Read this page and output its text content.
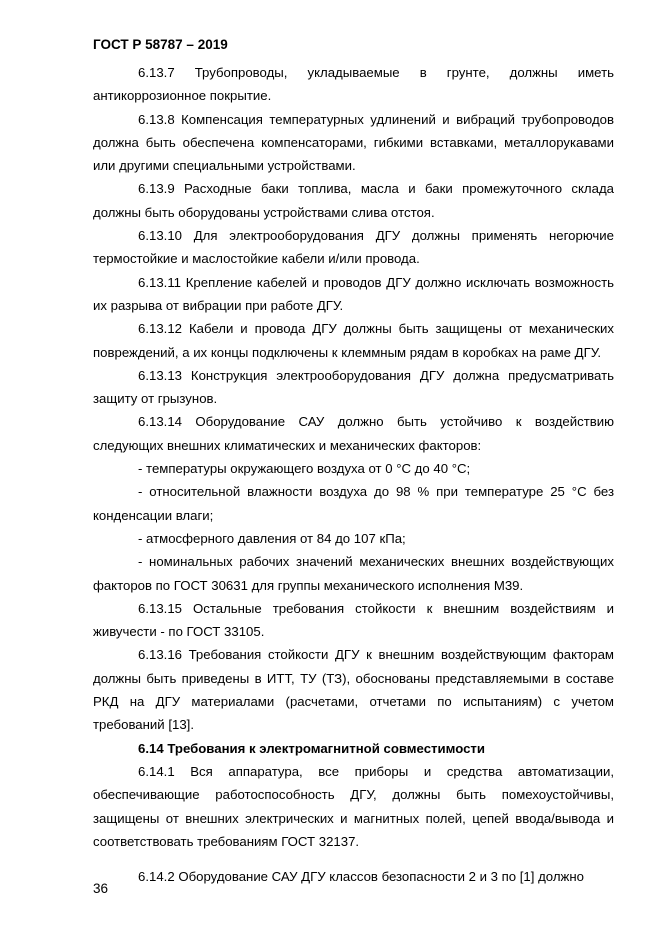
ГОСТ Р 58787 – 2019

6.13.7 Трубопроводы, укладываемые в грунте, должны иметь антикоррозионное покрытие.

6.13.8 Компенсация температурных удлинений и вибраций трубопроводов должна быть обеспечена компенсаторами, гибкими вставками, металлорукавами или другими специальными устройствами.

6.13.9 Расходные баки топлива, масла и баки промежуточного склада должны быть оборудованы устройствами слива отстоя.

6.13.10 Для электрооборудования ДГУ должны применять негорючие термостойкие и маслостойкие кабели и/или провода.

6.13.11 Крепление кабелей и проводов ДГУ должно исключать возможность их разрыва от вибрации при работе ДГУ.

6.13.12 Кабели и провода ДГУ должны быть защищены от механических повреждений, а их концы подключены к клеммным рядам в коробках на раме ДГУ.

6.13.13 Конструкция электрооборудования ДГУ должна предусматривать защиту от грызунов.

6.13.14 Оборудование САУ должно быть устойчиво к воздействию следующих внешних климатических и механических факторов:

- температуры окружающего воздуха от 0 °С до 40 °С;

- относительной влажности воздуха до 98 % при температуре 25 °С без конденсации влаги;

- атмосферного давления от 84 до 107 кПа;

- номинальных рабочих значений механических внешних воздействующих факторов по ГОСТ 30631 для группы механического исполнения М39.

6.13.15 Остальные требования стойкости к внешним воздействиям и живучести - по ГОСТ 33105.

6.13.16 Требования стойкости ДГУ к внешним воздействующим факторам должны быть приведены в ИТТ, ТУ (ТЗ), обоснованы представляемыми в составе РКД на ДГУ материалами (расчетами, отчетами по испытаниям) с учетом требований [13].

6.14 Требования к электромагнитной совместимости

6.14.1 Вся аппаратура, все приборы и средства автоматизации, обеспечивающие работоспособность ДГУ, должны быть помехоустойчивы, защищены от внешних электрических и магнитных полей, цепей ввода/вывода и соответствовать требованиям ГОСТ 32137.

6.14.2 Оборудование САУ ДГУ классов безопасности 2 и 3 по [1] должно

36
